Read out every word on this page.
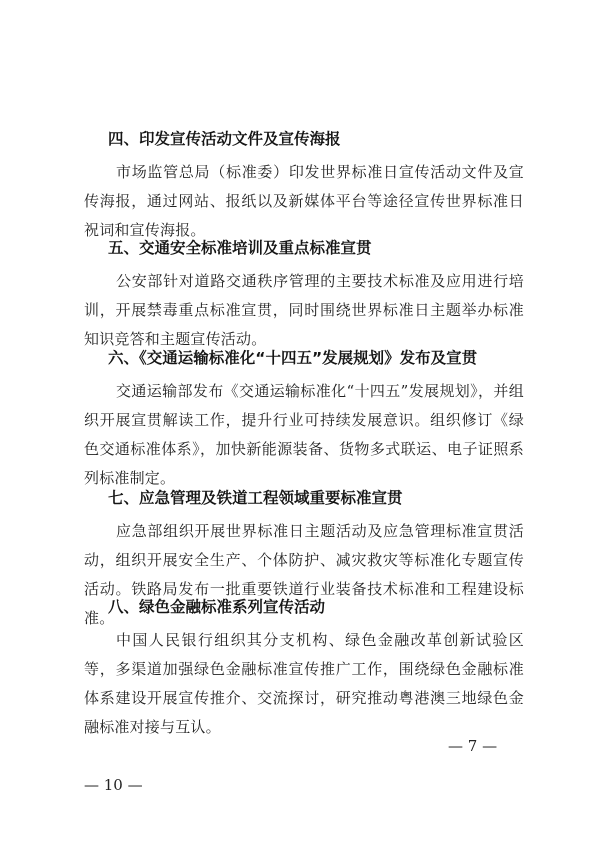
四、印发宣传活动文件及宣传海报

市场监管总局（标准委）印发世界标准日宣传活动文件及宣传海报，通过网站、报纸以及新媒体平台等途径宣传世界标准日祝词和宣传海报。

五、交通安全标准培训及重点标准宣贯

公安部针对道路交通秩序管理的主要技术标准及应用进行培训，开展禁毒重点标准宣贯，同时围绕世界标准日主题举办标准知识竞答和主题宣传活动。

六、《交通运输标准化“十四五”发展规划》发布及宣贯

交通运输部发布《交通运输标准化“十四五”发展规划》，并组织开展宣贯解读工作，提升行业可持续发展意识。组织修订《绿色交通标准体系》，加快新能源装备、货物多式联运、电子证照系列标准制定。

七、应急管理及铁道工程领域重要标准宣贯

应急部组织开展世界标准日主题活动及应急管理标准宣贯活动，组织开展安全生产、个体防护、减灾救灾等标准化专题宣传活动。铁路局发布一批重要铁道行业装备技术标准和工程建设标准。

八、绿色金融标准系列宣传活动

中国人民银行组织其分支机构、绿色金融改革创新试验区等，多渠道加强绿色金融标准宣传推广工作，围绕绿色金融标准体系建设开展宣传推介、交流探讨，研究推动粤港澳三地绿色金融标准对接与互认。

— 7 —
— 10 —
